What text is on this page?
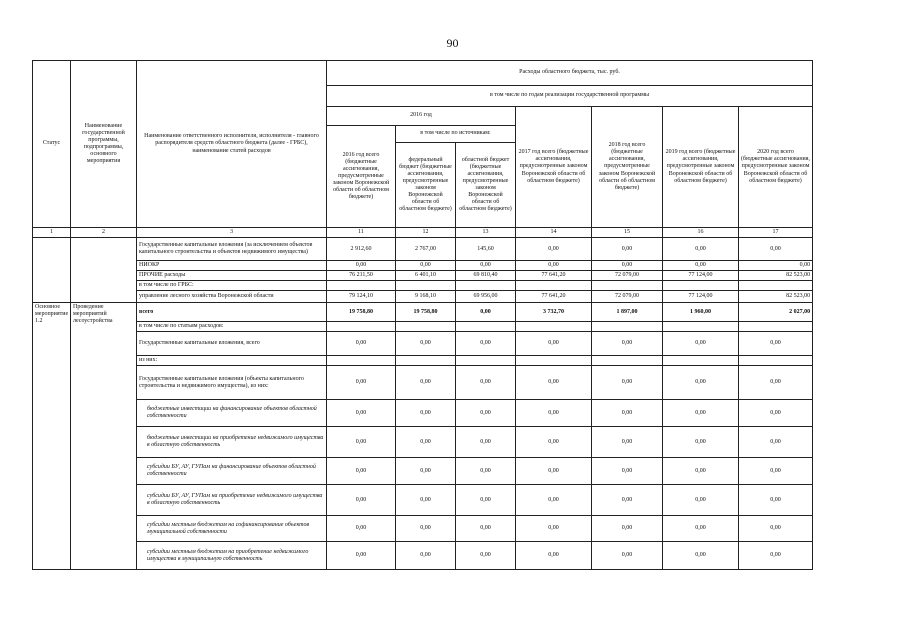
90
Статус	Наименование государственной программы, подпрограммы, основного мероприятия	Наименование ответственного исполнителя, исполнителя - главного распорядителя средств областного бюджета (далее - ГРБС), наименование статей расходов	Расходы областного бюджета, тыс. руб.						
			в том числе по годам реализации государственной программы						
			2016 год			2017 год всего (бюджетные ассигнования, предусмотренные законом Воронежской области об областном бюджете)	2018 год всего (бюджетные ассигнования, предусмотренные законом Воронежской области об областном бюджете)	2019 год всего (бюджетные ассигнования, предусмотренные законом Воронежской области об областном бюджете)	2020 год всего (бюджетные ассигнования, предусмотренные законом Воронежской области об областном бюджете)
			2016 год всего (бюджетные ассигнования, предусмотренные законом Воронежской области об областном бюджете)	в том числе по источникам:					
				федеральный бюджет (бюджетные ассигнования, предусмотренные законом Воронежской области об областном бюджете)	областной бюджет (бюджетные ассигнования, предусмотренные законом Воронежской области об областном бюджете)				
1	2	3	11	12	13	14	15	16	17
		Государственные капитальные вложения (за исключением объектов капитального строительства и объектов недвижимого имущества)	2 912,60	2 767,00	145,60	0,00	0,00	0,00	0,00
		НИОКР	0,00	0,00	0,00	0,00	0,00	0,00	0,00
		ПРОЧИЕ расходы	76 211,50	6 401,10	69 810,40	77 641,20	72 079,00	77 124,00	82 523,00
		в том числе по ГРБС:							
		управление лесного хозяйства Воронежской области	79 124,10	9 168,10	69 956,00	77 641,20	72 079,00	77 124,00	82 523,00
Основное мероприятие 1.2	Проведение мероприятий лесоустройства	всего	19 758,80	19 758,80	0,00	3 732,70	1 897,00	1 960,00	2 027,00
		в том числе по статьям расходов:							
		Государственные капитальные вложения, всего	0,00	0,00	0,00	0,00	0,00	0,00	0,00
		из них:							
		Государственные капитальные вложения (объекты капитального строительства и недвижимого имущества), из них:	0,00	0,00	0,00	0,00	0,00	0,00	0,00
		бюджетные инвестиции на финансирование объектов областной собственности	0,00	0,00	0,00	0,00	0,00	0,00	0,00
		бюджетные инвестиции на приобретение недвижимого имущества в областную собственность	0,00	0,00	0,00	0,00	0,00	0,00	0,00
		субсидии БУ, АУ, ГУПам на финансирование объектов областной собственности	0,00	0,00	0,00	0,00	0,00	0,00	0,00
		субсидии БУ, АУ, ГУПам на приобретение недвижимого имущества в областную собственность	0,00	0,00	0,00	0,00	0,00	0,00	0,00
		субсидии местным бюджетам на софинансирование объектов муниципальной собственности	0,00	0,00	0,00	0,00	0,00	0,00	0,00
		субсидии местным бюджетам на приобретение недвижимого имущества в муниципальную собственность	0,00	0,00	0,00	0,00	0,00	0,00	0,00
